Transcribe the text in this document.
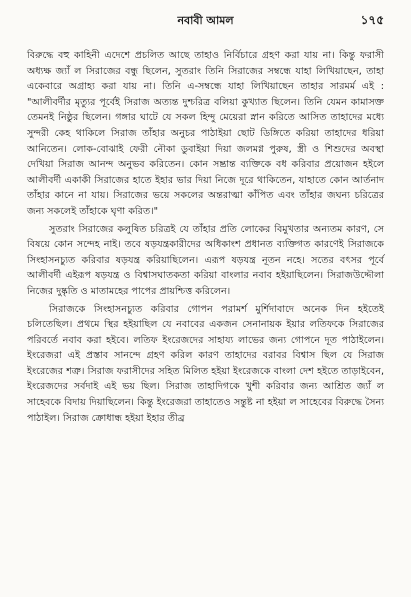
নবাবী আমল	১৭৫

বিরুদ্ধে বহু কাহিনী এদেশে প্রচলিত আছে তাহাও নির্বিচারে গ্রহণ করা যায় না। কিন্তু ফরাসী অধ্যক্ষ জ্যাঁ ল সিরাজের বন্ধু ছিলেন, সুতরাং তিনি সিরাজের সম্বন্ধে যাহা লিখিয়াছেন, তাহা একেবারে অগ্রাহ্য করা যায় না। তিনি এ-সম্বন্ধে যাহা লিখিয়াছেন তাহার সারমর্ম এই : "আলীবর্দীর মৃত্যুর পূর্বেই সিরাজ অত্যন্ত দুশ্চরিত্র বলিয়া কুখ্যাত ছিলেন। তিনি যেমন কামাসক্ত তেমনই নিষ্ঠুর ছিলেন। গঙ্গার ঘাটে যে সকল হিন্দু মেয়েরা স্নান করিতে আসিত তাহাদের মধ্যে সুন্দরী কেহ থাকিলে সিরাজ তাঁহার অনুচর পাঠাইয়া ছোট ডিঙ্গিতে করিয়া তাহাদের ধরিয়া আনিতেন। লোক-বোঝাই ফেরী নৌকা ডুবাইয়া দিয়া জলমগ্ন পুরুষ, স্ত্রী ও শিশুদের অবস্থা দেখিয়া সিরাজ আনন্দ অনুভব করিতেন। কোন সম্ভ্রান্ত ব্যক্তিকে বধ করিবার প্রয়োজন হইলে আলীবর্দী একাকী সিরাজের হাতে ইহার ভার দিয়া নিজে দূরে থাকিতেন, যাহাতে কোন আর্তনাদ তাঁহার কানে না যায়। সিরাজের ভয়ে সকলের অন্তরাত্মা কাঁপিত এবং তাঁহার জঘন্য চরিত্রের জন্য সকলেই তাঁহাকে ঘৃণা করিত।"

সুতরাং সিরাজের কলুষিত চরিত্রই যে তাঁহার প্রতি লোকের বিমুখতার অন্যতম কারণ, সে বিষয়ে কোন সন্দেহ নাই। তবে ষড়যন্ত্রকারীদের অধিকাংশ প্রধানত ব্যক্তিগত কারণেই সিরাজকে সিংহাসনচ্যুত করিবার ষড়যন্ত্র করিয়াছিলেন। এরূপ ষড়যন্ত্র নূতন নহে। সতের বৎসর পূর্বে আলীবর্দী এইরূপ ষড়যন্ত্র ও বিশ্বাসঘাতকতা করিয়া বাংলার নবাব হইয়াছিলেন। সিরাজউদ্দৌলা নিজের দুষ্কৃতি ও মাতামহের পাপের প্রায়শ্চিত্ত করিলেন।

সিরাজকে সিংহাসনচ্যুত করিবার গোপন পরামর্শ মুর্শিদাবাদে অনেক দিন হইতেই চলিতেছিল। প্রথমে স্থির হইয়াছিল যে নবাবের একজন সেনানায়ক ইয়ার লতিফকে সিরাজের পরিবর্তে নবাব করা হইবে। লতিফ ইংরেজদের সাহায্য লাভের জন্য গোপনে দূত পাঠাইলেন। ইংরেজরা এই প্রস্তাব সানন্দে গ্রহণ করিল কারণ তাহাদের বরাবর বিশ্বাস ছিল যে সিরাজ ইংরেজের শত্রু। সিরাজ ফরাসীদের সহিত মিলিত হইয়া ইংরেজকে বাংলা দেশ হইতে তাড়াইবেন, ইংরেজদের সর্বদাই এই ভয় ছিল। সিরাজ তাহাদিগকে খুশী করিবার জন্য আশ্রিত জ্যাঁ ল সাহেবকে বিদায় দিয়াছিলেন। কিন্তু ইংরেজরা তাহাতেও সন্তুষ্ট না হইয়া ল সাহেবের বিরুদ্ধে সৈন্য পাঠাইল। সিরাজ ক্রোধান্ধ হইয়া ইহার তীব্র
